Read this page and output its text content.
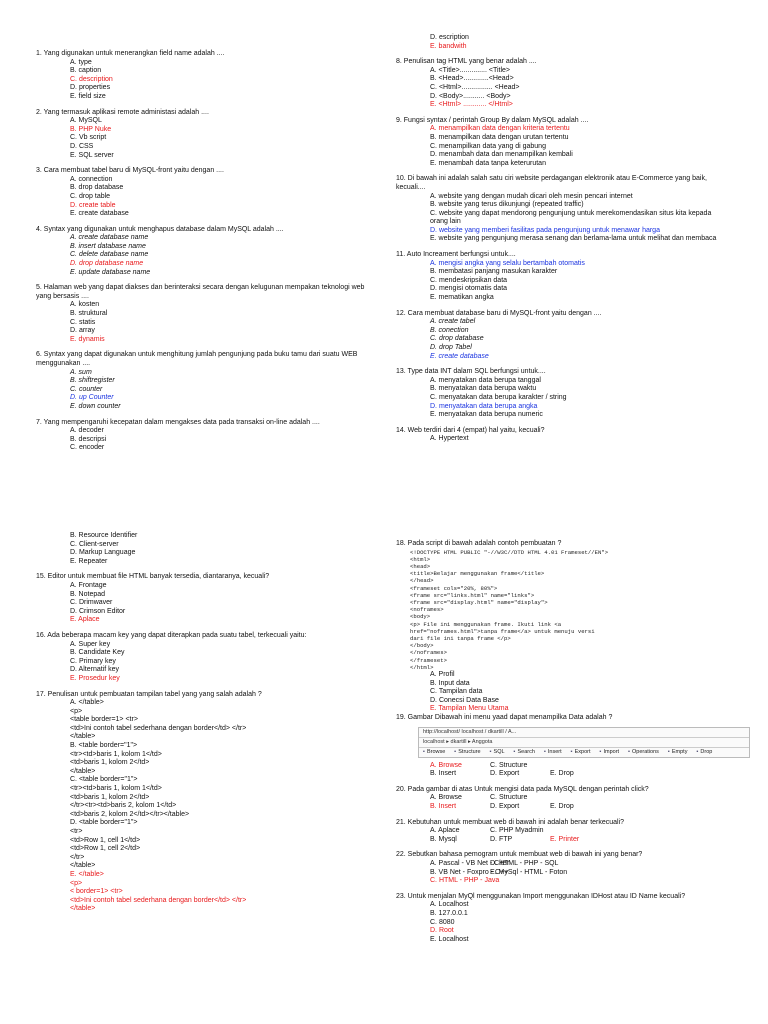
1. Yang digunakan untuk menerangkan field name adalah ....
A. type
B. caption
C. description
D. properties
E. field size
2. Yang termasuk aplikasi remote administasi adalah ....
A. MySQL
B. PHP Nuke
C. Vb script
D. CSS
E. SQL server
3. Cara membuat tabel baru di MySQL-front yaitu dengan ....
A. connection
B. drop database
C. drop table
D. create table
E. create database
4. Syntax yang digunakan untuk menghapus database dalam MySQL adalah ....
A. create database name
B. insert database name
C. delete database name
D. drop database name
E. update database name
5. Halaman web yang dapat diakses dan berinteraksi secara dengan kelugunan mempakan teknologi web yang bersasis ....
A. kosten
B. struktural
C. statis
D. array
E. dynamis
6. Syntax yang dapat digunakan untuk menghitung jumlah pengunjung pada buku tamu dari suatu WEB menggunakan ....
A. sum
B. shiftregister
C. counter
D. up Counter
E. down counter
7. Yang mempengaruhi kecepatan dalam mengakses data pada transaksi on-line adalah ....
A. decoder
B. descripsi
C. encoder
D. escription
E. bandwith
8. Penulisan tag HTML yang benar adalah ....
A. <Title>.............. <Title>
B. <Head>.............<Head>
C. <Html>................ <Head>
D. <Body>........... <Body>
E. <Html> ............ </Html>
9. Fungsi syntax / perintah Group By dalam MySQL adalah ....
A. menampilkan data dengan kriteria tertentu
B. menampilkan data dengan urutan tertentu
C. menampilkan data yang di gabung
D. menambah data dan menampilkan kembali
E. menambah data tanpa keterurutan
10. Di bawah ini adalah salah satu ciri website perdagangan elektronik atau E-Commerce yang baik, kecuali....
A. website yang dengan mudah dicari oleh mesin pencari internet
B. website yang terus dikunjungi (repeated traffic)
C. website yang dapat mendorong pengunjung untuk merekomendasikan situs kita kepada orang lain
D. website yang memberi fasilitas pada pengunjung untuk menawar harga
E. website yang pengunjung merasa senang dan berlama-lama untuk melihat dan membaca
11. Auto Increament berfungsi untuk....
A. mengisi angka yang selalu bertambah otomatis
B. membatasi panjang masukan karakter
C. mendeskripsikan data
D. mengisi otomatis data
E. mematikan angka
12. Cara membuat database baru di MySQL-front yaitu dengan ....
A. create tabel
B. conection
C. drop database
D. drop Tabel
E. create database
13. Type data INT dalam SQL berfungsi untuk....
A. menyatakan data berupa tanggal
B. menyatakan data berupa waktu
C. menyatakan data berupa karakter / string
D. menyatakan data berupa angka
E. menyatakan data berupa numeric
14. Web terdiri dari 4 (empat) hal yaitu, kecuali?
A. Hypertext
B. Resource Identifier
C. Client-server
D. Markup Language
E. Repeater
15. Editor untuk membuat file HTML banyak tersedia, diantaranya, kecuali?
A. Frontage
B. Notepad
C. Drimwaver
D. Crimson Editor
E. Aplace
16. Ada beberapa macam key yang dapat diterapkan pada suatu tabel, terkecuali yaitu:
A. Super key
B. Candidate Key
C. Primary key
D. Alternatif key
E. Prosedur key
17. Penulisan untuk pembuatan tampilan tabel yang yang salah adalah ?
A. </table>
<p>
<table border=1> <tr>
<td>Ini contoh tabel sederhana dengan border</td> </tr>
</table>
B. <table border="1">
<tr><td>baris 1, kolom 1</td>
<td>baris 1, kolom 2</td>
</table>
C. <table border="1">
<tr><td>baris 1, kolom 1</td>
<td>baris 1, kolom 2</td>
</tr><tr><td>baris 2, kolom 1</td>
<td>baris 2, kolom 2</td></tr></table>
D. <table border="1">
<tr>
<td>Row 1, cell 1</td>
<td>Row 1, cell 2</td>
</tr>
</table>
E. </table>
<p>
< border=1> <tr>
<td>Ini contoh tabel sederhana dengan border</td> </tr>
</table>
18. Pada script di bawah adalah contoh pembuatan ?
<!DOCTYPE HTML PUBLIC "-//W3C//DTD HTML 4.01 Frameset//EN">
<html>
<head>
<title>Belajar menggunakan frame</title>
</head>
<frameset cols="20%, 80%">
<frame src="links.html" name="links">
<frame src="display.html" name="display">
<noframes>
<body>
<p> File ini menggunakan frame. Ikuti link <a
href="noframes.html">tanpa frame</a> untuk menuju versi
dari file ini tanpa frame </p>
</body>
</noframes>
</frameset>
</html>
A. Profil
B. Input data
C. Tampilan data
D. Conecsi Data Base
E. Tampilan Menu Utama
19. Gambar Dibawah ini menu yaad dapat menampilka Data adalah ?
http://localhost/ localhost / dkartill / A...
localhost ▸ dkartill ▸ Anggota
▪ Browse	▪ Structure	▪ SQL	▪ Search	▪ Insert	▪ Export	▪ Import	▪ Operations	▪ Empty	▪ Drop
A. Browse	C. Structure
B. Insert	D. Export	E. Drop
20. Pada gambar di atas Untuk mengisi data pada MySQL dengan perintah click?
A. Browse	C. Structure
B. Insert	D. Export	E. Drop
21. Kebutuhan untuk membuat web di bawah ini adalah benar terkecuali?
A. Aplace	C. PHP Myadmin
B. Mysql	D. FTP	E. Printer
22. Sebutkan bahasa pemogram untuk membuat web di bawah ini yang benar?
A. Pascal - VB Net - Citer
D. HTML - PHP - SQL
B. VB Net - Foxpro - C++
E. MySql - HTML - Foton
C. HTML - PHP - Java
23. Untuk menjalan MyQl menggunakan Import menggunakan IDHost atau ID Name kecuali?
A. Localhost
B. 127.0.0.1
C. 8080
D. Root
E. Localhost
